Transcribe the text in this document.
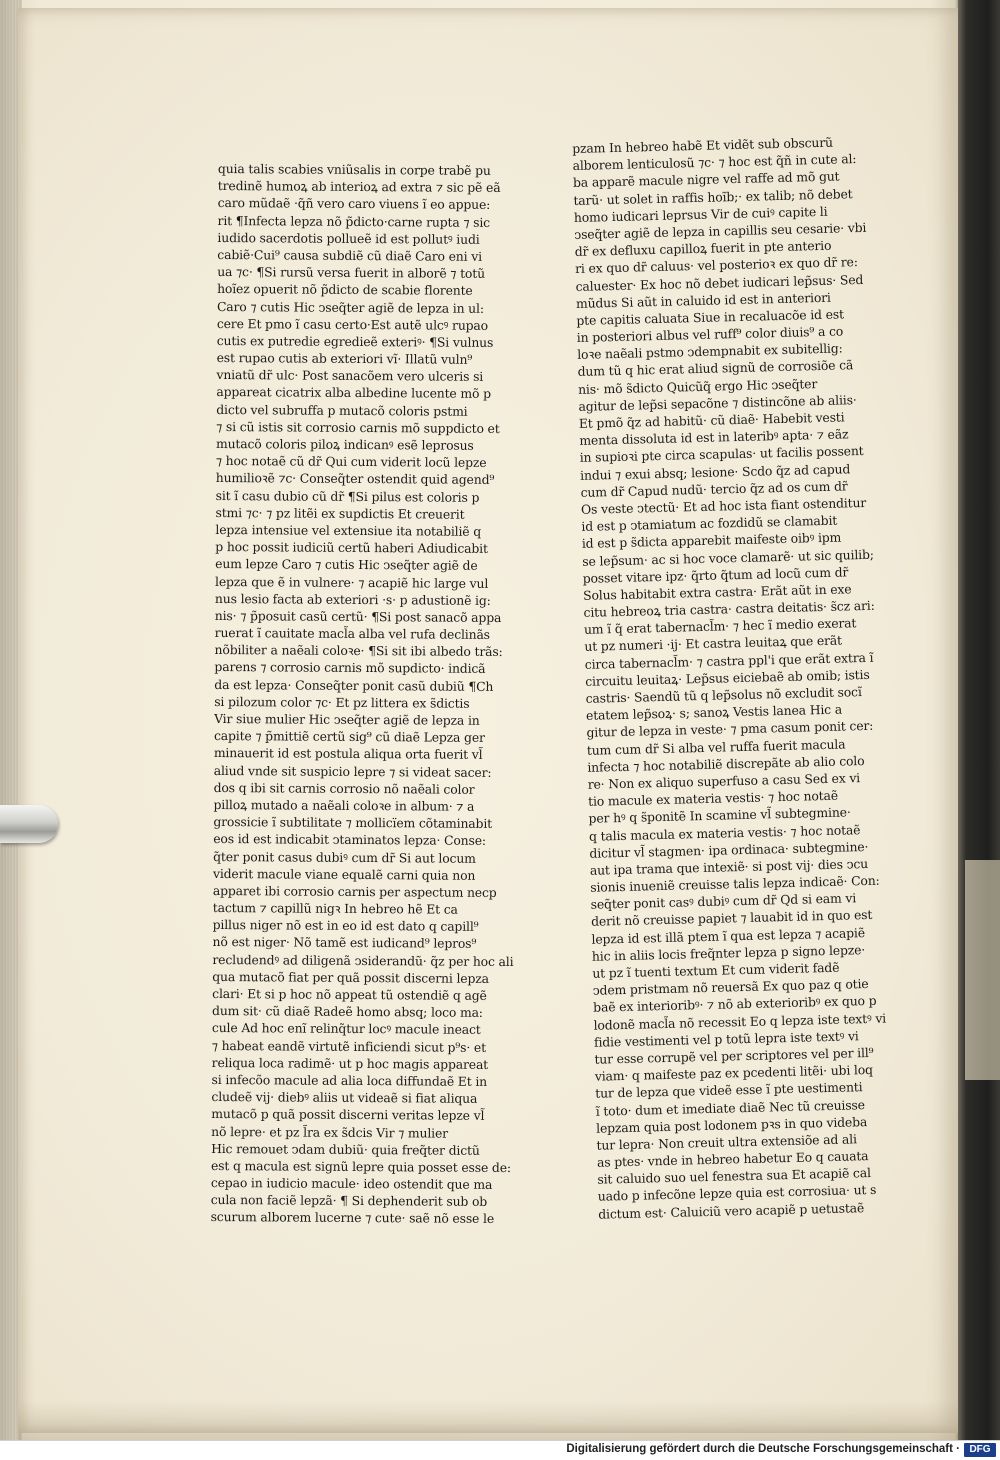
quia talis scabies vniũsalis in corpe trabẽ pu
tredinẽ humoꝝ ab interioꝝ ad extra ⁊ sic pẽ eã
caro mũdaẽ ·q̃ñ vero caro viuens ĩ eo appue:
rit ¶Infecta lepza nõ p̃dicto·carne rupta ⁊ sic
iudido sacerdotis pollueẽ id est pollutꝰ iudi
cabiẽ·Cui⁹ causa subdiẽ cũ diaẽ Caro eni vi
ua ⁊c· ¶Si rursũ versa fuerit in alborẽ ⁊ totũ
hoĩez opuerit nõ p̃dicto de scabie florente
Caro ⁊ cutis Hic ↄseq̃ter agiẽ de lepza in ul:
cere Et pmo ĩ casu certo·Est autẽ ulcꝰ rupao
cutis ex putredie egredieẽ exteriꝰ· ¶Si vulnus
est rupao cutis ab exteriori vĩ· Illatũ vuln⁹
vniatũ dr̃ ulc· Post sanacõem vero ulceris si
appareat cicatrix alba albedine lucente mõ p
dicto vel subruffa p mutacõ coloris pstmi
⁊ si cũ istis sit corrosio carnis mõ suppdicto et
mutacõ coloris piloꝝ indicanꝰ esẽ leprosus
⁊ hoc notaẽ cũ dr̃ Qui cum viderit locũ lepze
humilioꝛẽ ⁊c· Conseq̃ter ostendit quid agend⁹
sit ĩ casu dubio cũ dr̃ ¶Si pilus est coloris p
stmi ⁊c· ⁊ pz litẽi ex supdictis Et creuerit
lepza intensiue vel extensiue ita notabiliẽ q
p hoc possit iudiciũ certũ haberi Adiudicabit
eum lepze Caro ⁊ cutis Hic ↄseq̃ter agiẽ de
lepza que ẽ in vulnere· ⁊ acapiẽ hic large vul
nus lesio facta ab exteriori ·s· p adustionẽ ig:
nis· ⁊ p̃posuit casũ certũ· ¶Si post sanacõ appa
ruerat ĩ cauitate macl̃a alba vel rufa declinãs
nõbiliter a naẽali coloꝛe· ¶Si sit ibi albedo trãs:
parens ⁊ corrosio carnis mõ supdicto· indicã
da est lepza· Conseq̃ter ponit casũ dubiũ ¶Ch
si pilozum color ⁊c· Et pz littera ex s̃dictis
Vir siue mulier Hic ↄseq̃ter agiẽ de lepza in
capite ⁊ p̃mittiẽ certũ sig⁹ cũ diaẽ Lepza ger
minauerit id est postula aliqua orta fuerit vl̃
aliud vnde sit suspicio lepre ⁊ si videat sacer:
dos q ibi sit carnis corrosio nõ naẽali color
pilloꝝ mutado a naẽali coloꝛe in album· ⁊ a
grossicie ĩ subtilitate ⁊ mollicïem cõtaminabit
eos id est indicabit ↄtaminatos lepza· Conse:
q̃ter ponit casus dubiꝰ cum dr̃ Si aut locum
viderit macule viane equalẽ carni quia non
apparet ibi corrosio carnis per aspectum necp
tactum ⁊ capillũ nigꝛ In hebreo hẽ Et ca
pillus niger nõ est in eo id est dato q capill⁹
nõ est niger· Nõ tamẽ est iudicand⁹ lepros⁹
recludendꝰ ad diligenã ↄsiderandũ· q̃z per hoc ali
qua mutacõ fiat per quã possit discerni lepza
clari· Et si p hoc nõ appeat tũ ostendiẽ q agẽ
dum sit· cũ diaẽ Radeẽ homo absq; loco ma:
cule Ad hoc enĩ relinq̃tur locꝰ macule ineact
⁊ habeat eandẽ virtutẽ inficiendi sicut p⁹s· et
reliqua loca radimẽ· ut p hoc magis appareat
si infecõo macule ad alia loca diffundaẽ Et in
cludeẽ vij· diebꝰ aliis ut videaẽ si fiat aliqua
mutacõ p quã possit discerni veritas lepze vl̃
nõ lepre· et pz l̃ra ex s̃dcis Vir ⁊ mulier
Hic remouet ↄdam dubiũ· quia freq̃ter dictũ
est q macula est signũ lepre quia posset esse de:
cepao in iudicio macule· ideo ostendit que ma
cula non faciẽ lepzã· ¶ Si dephenderit sub ob
scurum alborem lucerne ⁊ cute· saẽ nõ esse le
pzam In hebreo habẽ Et vidẽt sub obscurũ
alborem lenticulosũ ⁊c· ⁊ hoc est q̃ñ in cute al:
ba apparẽ macule nigre vel raffe ad mõ gut
tarũ· ut solet in raffis hoĩb;· ex talib; nõ debet
homo iudicari leprsus Vir de cuiꝰ capite li
ↄseq̃ter agiẽ de lepza in capillis seu cesarie· vbi
dr̃ ex defluxu capilloꝝ fuerit in pte anterio
ri ex quo dr̃ caluus· vel posterioꝛ ex quo dr̃ re:
caluester· Ex hoc nõ debet iudicari lep̃sus· Sed
mũdus Si aũt in caluido id est in anteriori
pte capitis caluata Siue in recaluacõe id est
in posteriori albus vel ruff⁹ color diuis⁹ a co
loꝛe naẽali pstmo ↄdempnabit ex subitellig:
dum tũ q hic erat aliud signũ de corrosiõe cã
nis· mõ s̃dicto Quicũq̃ ergo Hic ↄseq̃ter
agitur de lep̃si sepacõne ⁊ distincõne ab aliis·
Et pmõ q̃z ad habitũ· cũ diaẽ· Habebit vesti
menta dissoluta id est in lateribꝰ apta· ⁊ eãz
in supioꝛi pte circa scapulas· ut facilis possent
indui ⁊ exui absq; lesione· Scdo q̃z ad capud
cum dr̃ Capud nudũ· tercio q̃z ad os cum dr̃
Os veste ↄtectũ· Et ad hoc ista fiant ostenditur
id est p ↄtamiatum ac fozdidũ se clamabit
id est p s̃dicta apparebit maifeste oibꝰ ipm
se lep̃sum· ac si hoc voce clamarẽ· ut sic quilib;
posset vitare ipz· q̃rto q̃tum ad locũ cum dr̃
Solus habitabit extra castra· Erãt aũt in exe
citu hebreoꝝ tria castra· castra deitatis· s̃cz ari:
um ĩ q̃ erat tabernacl̃m· ⁊ hec ĩ medio exerat
ut pz numeri ·ij· Et castra leuitaꝝ que erãt
circa tabernacl̃m· ⁊ castra ppl'i que erãt extra ĩ
circuitu leuitaꝝ· Lep̃sus eiciebaẽ ab omib; istis
castris· Saendũ tũ q lep̃solus nõ excludit socĩ
etatem lep̃soꝝ· s; sanoꝝ Vestis lanea Hic a
gitur de lepza in veste· ⁊ pma casum ponit cer:
tum cum dr̃ Si alba vel ruffa fuerit macula
infecta ⁊ hoc notabiliẽ discrepãte ab alio colo
re· Non ex aliquo superfuso a casu Sed ex vi
tio macule ex materia vestis· ⁊ hoc notaẽ
per hꝰ q s̃ponitẽ In scamine vl̃ subtegmine·
q talis macula ex materia vestis· ⁊ hoc notaẽ
dicitur vl̃ stagmen· ipa ordinaca· subtegmine·
aut ipa trama que intexiẽ· si post vij· dies ↄcu
sionis inueniẽ creuisse talis lepza indicaẽ· Con:
seq̃ter ponit casꝰ dubiꝰ cum dr̃ Qd si eam vi
derit nõ creuisse papiet ⁊ lauabit id in quo est
lepza id est illã ptem ĩ qua est lepza ⁊ acapiẽ
hic in aliis locis freq̃nter lepza p signo lepze·
ut pz ĩ tuenti textum Et cum viderit fadẽ
ↄdem pristmam nõ reuersã Ex quo paz q otie
baẽ ex interioribꝰ· ⁊ nõ ab exterioribꝰ ex quo p
lodonẽ macl̃a nõ recessit Eo q lepza iste textꝰ vi
fidie vestimenti vel p totũ lepra iste textꝰ vi
tur esse corrupẽ vel per scriptores vel per ill⁹
viam· q maifeste paz ex pcedenti litẽi· ubi loq
tur de lepza que videẽ esse ĩ pte uestimenti
ĩ toto· dum et imediate diaẽ Nec tũ creuisse
lepzam quia post lodonem pꝛs in quo videba
tur lepra· Non creuit ultra extensiõe ad ali
as ptes· vnde in hebreo habetur Eo q cauata
sit caluido suo uel fenestra sua Et acapiẽ cal
uado p infecõne lepze quia est corrosiua· ut s
dictum est· Caluiciũ vero acapiẽ p uetustaẽ
Digitalisierung gefördert durch die Deutsche Forschungsgemeinschaft · DFG
